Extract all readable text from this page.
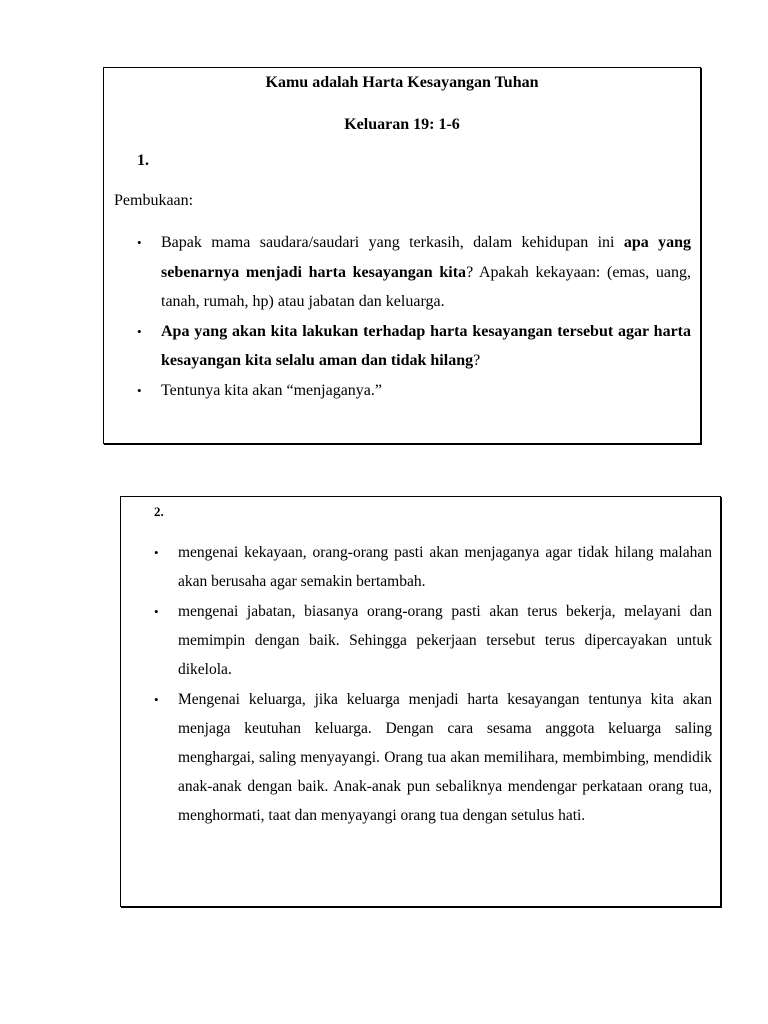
Kamu adalah Harta Kesayangan Tuhan
Keluaran 19: 1-6
1.
Pembukaan:
•	Bapak mama saudara/saudari yang terkasih, dalam kehidupan ini apa yang sebenarnya menjadi harta kesayangan kita? Apakah kekayaan: (emas, uang, tanah, rumah, hp) atau jabatan dan keluarga.
•	Apa yang akan kita lakukan terhadap harta kesayangan tersebut agar harta kesayangan kita selalu aman dan tidak hilang?
•	Tentunya kita akan “menjaganya.”
2.
•	mengenai kekayaan, orang-orang pasti akan menjaganya agar tidak hilang malahan akan berusaha agar semakin bertambah.
•	mengenai jabatan, biasanya orang-orang pasti akan terus bekerja, melayani dan memimpin dengan baik. Sehingga pekerjaan tersebut terus dipercayakan untuk dikelola.
•	Mengenai keluarga, jika keluarga menjadi harta kesayangan tentunya kita akan menjaga keutuhan keluarga. Dengan cara sesama anggota keluarga saling menghargai, saling menyayangi. Orang tua akan memilihara, membimbing, mendidik anak-anak dengan baik. Anak-anak pun sebaliknya mendengar perkataan orang tua, menghormati, taat dan menyayangi orang tua dengan setulus hati.
